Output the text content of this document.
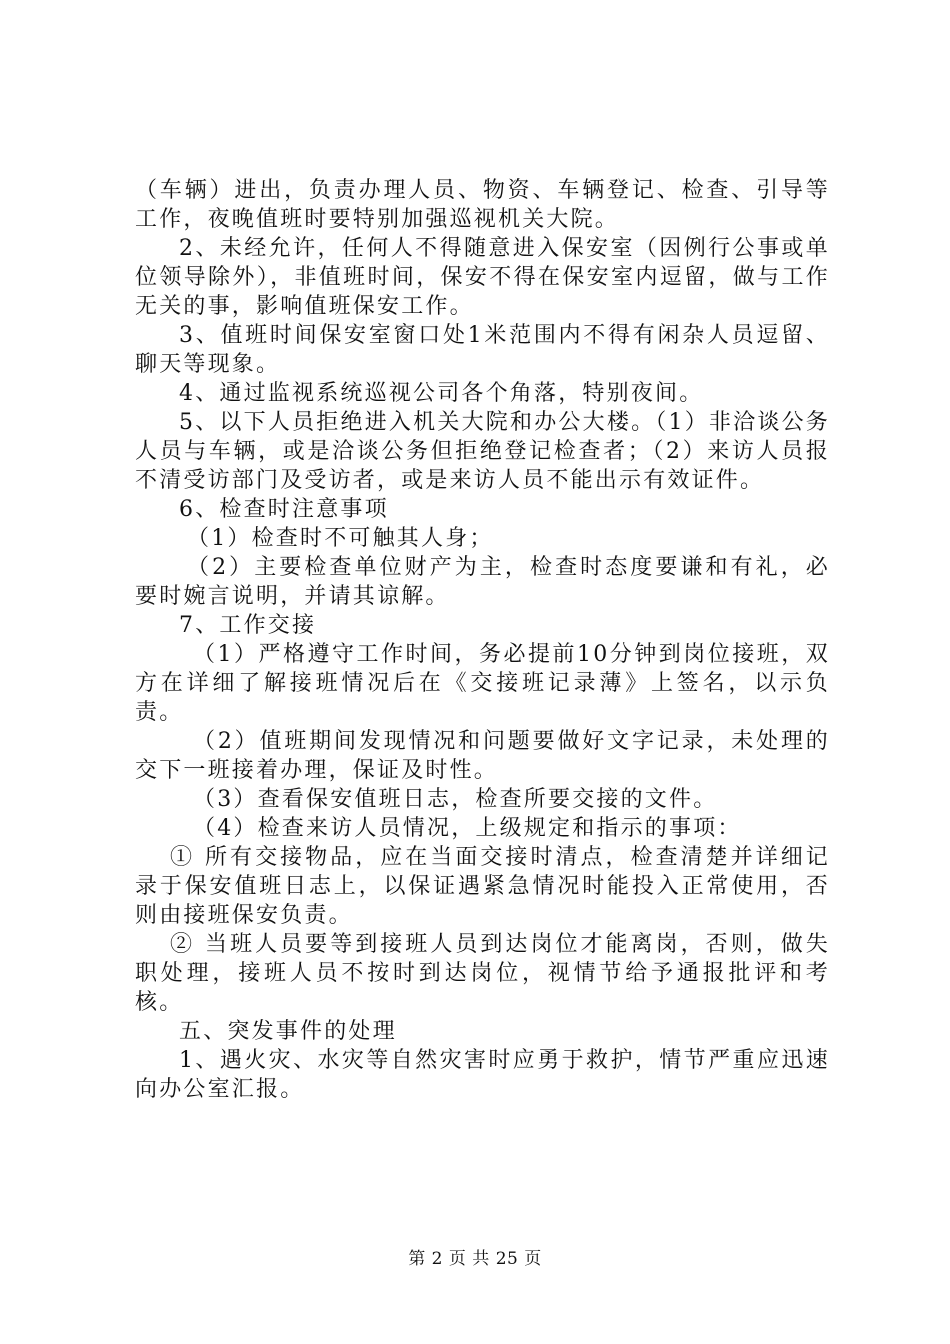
（车辆）进出，负责办理人员、物资、车辆登记、检查、引导等工作，夜晚值班时要特别加强巡视机关大院。

2、未经允许，任何人不得随意进入保安室（因例行公事或单位领导除外），非值班时间，保安不得在保安室内逗留，做与工作无关的事，影响值班保安工作。

3、值班时间保安室窗口处1米范围内不得有闲杂人员逗留、聊天等现象。

4、通过监视系统巡视公司各个角落，特别夜间。

5、以下人员拒绝进入机关大院和办公大楼。（1）非洽谈公务人员与车辆，或是洽谈公务但拒绝登记检查者；（2）来访人员报不清受访部门及受访者，或是来访人员不能出示有效证件。

6、检查时注意事项

（1）检查时不可触其人身；

（2）主要检查单位财产为主，检查时态度要谦和有礼，必要时婉言说明，并请其谅解。

7、工作交接

（1）严格遵守工作时间，务必提前10分钟到岗位接班，双方在详细了解接班情况后在《交接班记录薄》上签名，以示负责。

（2）值班期间发现情况和问题要做好文字记录，未处理的交下一班接着办理，保证及时性。

（3）查看保安值班日志，检查所要交接的文件。

（4）检查来访人员情况，上级规定和指示的事项：

① 所有交接物品，应在当面交接时清点，检查清楚并详细记录于保安值班日志上，以保证遇紧急情况时能投入正常使用，否则由接班保安负责。

② 当班人员要等到接班人员到达岗位才能离岗，否则，做失职处理，接班人员不按时到达岗位，视情节给予通报批评和考核。

五、突发事件的处理

1、遇火灾、水灾等自然灾害时应勇于救护，情节严重应迅速向办公室汇报。

第 2 页 共 25 页
